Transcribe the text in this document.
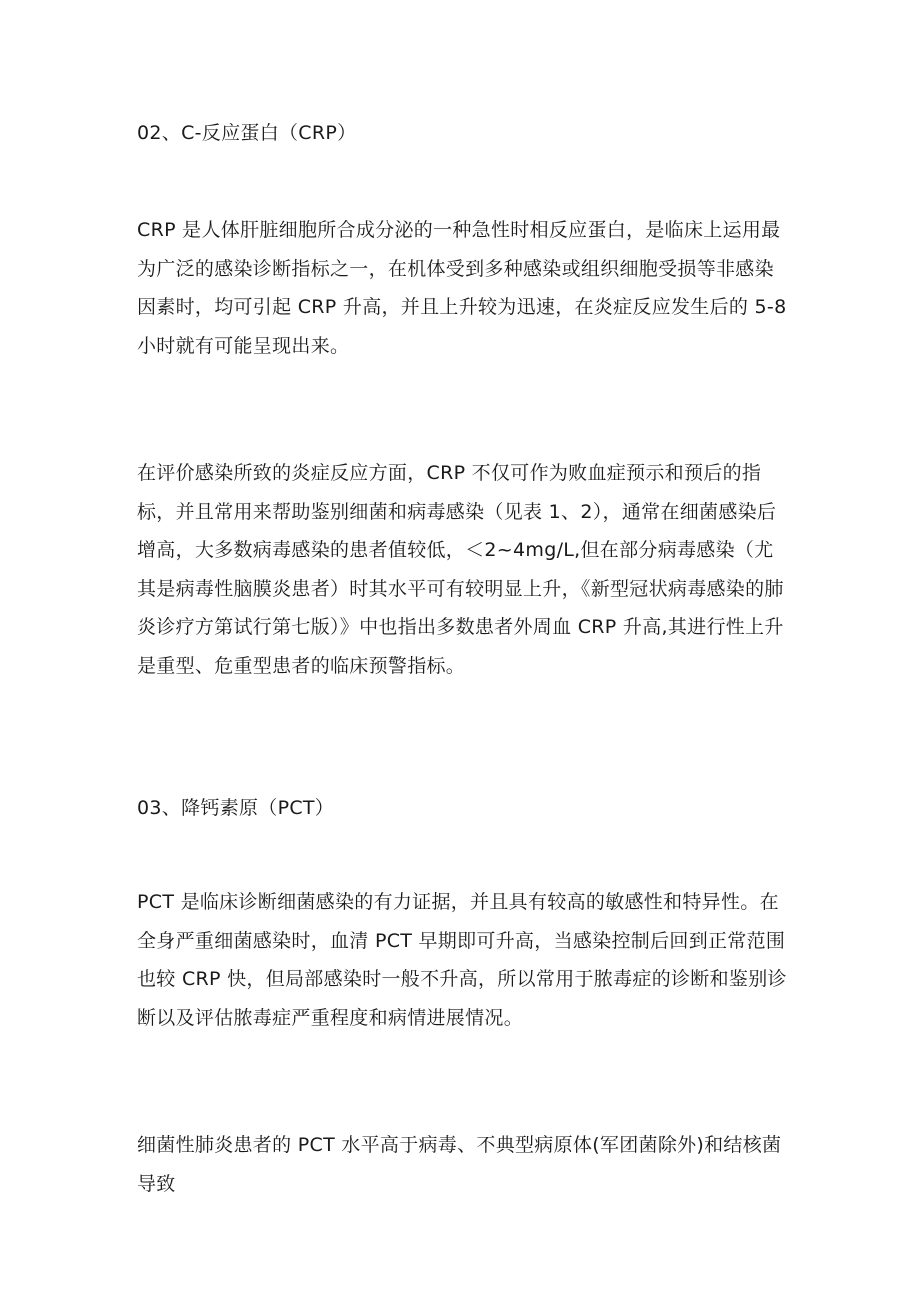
02、C-反应蛋白（CRP）

CRP 是人体肝脏细胞所合成分泌的一种急性时相反应蛋白，是临床上运用最为广泛的感染诊断指标之一，在机体受到多种感染或组织细胞受损等非感染因素时，均可引起 CRP 升高，并且上升较为迅速，在炎症反应发生后的 5-8 小时就有可能呈现出来。

在评价感染所致的炎症反应方面，CRP 不仅可作为败血症预示和预后的指标，并且常用来帮助鉴别细菌和病毒感染（见表 1、2），通常在细菌感染后增高，大多数病毒感染的患者值较低，＜2~4mg/L,但在部分病毒感染（尤其是病毒性脑膜炎患者）时其水平可有较明显上升，《新型冠状病毒感染的肺炎诊疗方第试行第七版）》中也指出多数患者外周血 CRP 升高,其进行性上升是重型、危重型患者的临床预警指标。

03、降钙素原（PCT）

PCT 是临床诊断细菌感染的有力证据，并且具有较高的敏感性和特异性。在全身严重细菌感染时，血清 PCT 早期即可升高，当感染控制后回到正常范围也较 CRP 快，但局部感染时一般不升高，所以常用于脓毒症的诊断和鉴别诊断以及评估脓毒症严重程度和病情进展情况。

细菌性肺炎患者的 PCT 水平高于病毒、不典型病原体(军团菌除外)和结核菌导致
